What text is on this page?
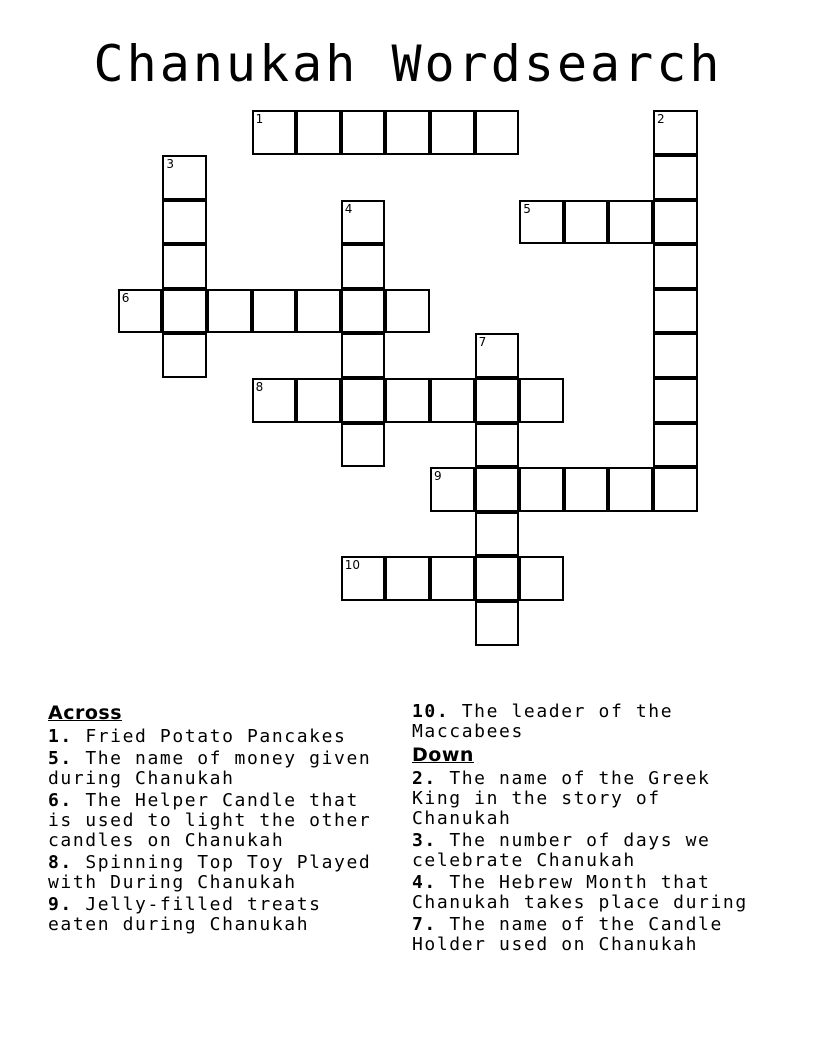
Chanukah Wordsearch
1
5
6
8
9
10
2
3
4
7
Across
1. Fried Potato Pancakes
5. The name of money given during Chanukah
6. The Helper Candle that is used to light the other candles on Chanukah
8. Spinning Top Toy Played with During Chanukah
9. Jelly-filled treats eaten during Chanukah
10. The leader of the Maccabees
Down
2. The name of the Greek King in the story of Chanukah
3. The number of days we celebrate Chanukah
4. The Hebrew Month that Chanukah takes place during
7. The name of the Candle Holder used on Chanukah
